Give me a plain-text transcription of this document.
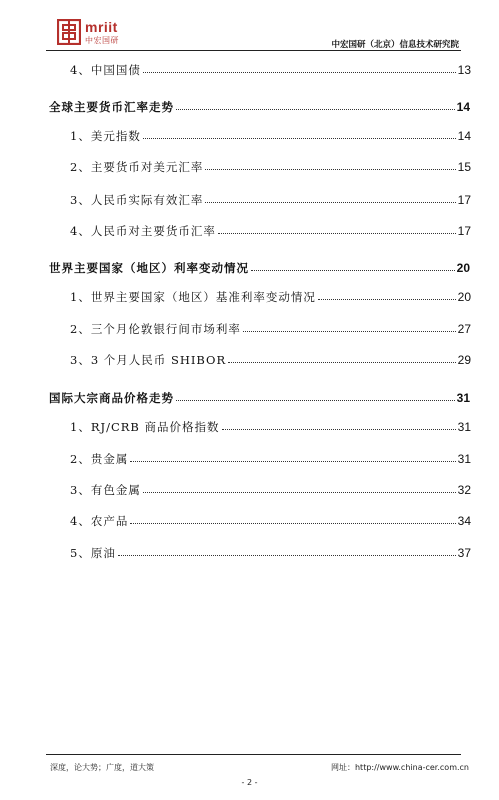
mriit
中宏国研	中宏国研（北京）信息技术研究院
4、中国国债	13
全球主要货币汇率走势	14
1、美元指数	14
2、主要货币对美元汇率	15
3、人民币实际有效汇率	17
4、人民币对主要货币汇率	17
世界主要国家（地区）利率变动情况	20
1、世界主要国家（地区）基准利率变动情况	20
2、三个月伦敦银行间市场利率	27
3、3 个月人民币 SHIBOR	29
国际大宗商品价格走势	31
1、RJ/CRB 商品价格指数	31
2、贵金属	31
3、有色金属	32
4、农产品	34
5、原油	37
深度，论大势；广度，道大策	网址：http://www.china-cer.com.cn
- 2 -
